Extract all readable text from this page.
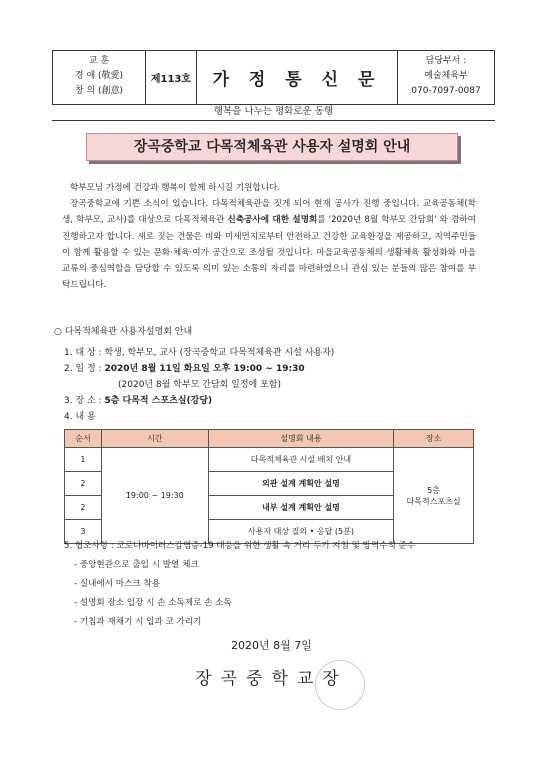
교 훈
경 애 (敬愛)
창 의 (創意)
제113호	가 정 통 신 문
담당부서 :
예술체육부
070-7097-0087
행복을 나누는 평화로운 동행
장곡중학교 다목적체육관 사용자 설명회 안내

학부모님 가정에 건강과 행복이 함께 하시길 기원합니다.

장곡중학교에 기쁜 소식이 있습니다. 다목적체육관을 짓게 되어 현재 공사가 진행 중입니다. 교육공동체(학생, 학부모, 교사)를 대상으로 다목적체육관 신축공사에 대한 설명회를 '2020년 8월 학부모 간담회' 와 겸하여 진행하고자 합니다. 새로 짓는 건물은 비와 미세먼지로부터 안전하고 건강한 교육환경을 제공하고, 지역주민들이 함께 활용할 수 있는 문화·체육·여가 공간으로 조성될 것입니다. 마을교육공동체의 생활체육 활성화와 마을 교류의 중심역할을 담당할 수 있도록 의미 있는 소통의 자리를 마련하였으니 관심 있는 분들의 많은 참여를 부탁드립니다.

○ 다목적체육관 사용자설명회 안내
1. 대 상 : 학생, 학부모, 교사 (장곡중학교 다목적체육관 시설 사용자)
2. 일 정 : 2020년 8월 11일 화요일 오후 19:00 ~ 19:30
(2020년 8월 학부모 간담회 일정에 포함)
3. 장 소 : 5층 다목적 스포츠실(강당)
4. 내 용
순서	시간	설명회 내용	장소
1	19:00 ~ 19:30	다목적체육관 시설 배치 안내	5층
다목적스포츠실

2		외관 설계 계획안 설명	
2		내부 설계 계획안 설명	
3		사용자 대상 질의 • 응답 (5분)	
5. 협조사항 : 코로나바이러스감염증-19 대응을 위한 생활 속 거리 두기 지침 및 방역수칙 준수
- 중앙현관으로 출입 시 발열 체크
- 실내에서 마스크 착용
- 설명회 장소 입장 시 손 소독제로 손 소독
- 기침과 재채기 시 입과 코 가리기
2020년 8월 7일
장곡중학교장
